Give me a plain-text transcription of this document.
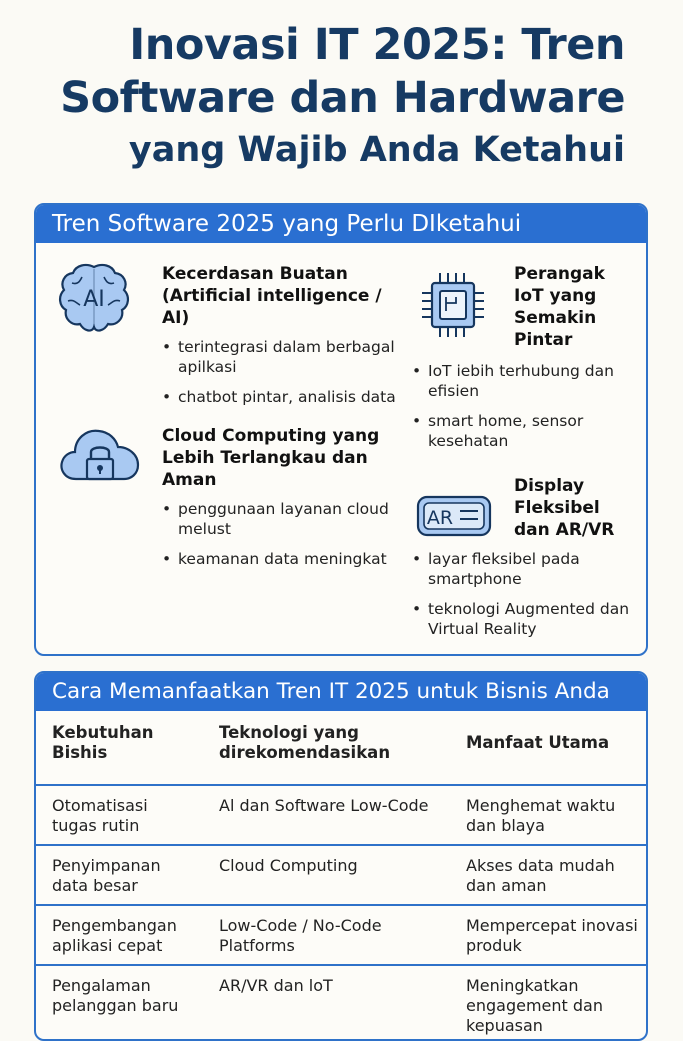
Inovasi IT 2025: Tren
Software dan Hardware
yang Wajib Anda Ketahui
Tren Software 2025 yang Perlu DIketahui
AI
Kecerdasan Buatan (Artificial intelligence / AI)
• terintegrasi dalam berbagal apilkasi
• chatbot pintar, analisis data
Perangak IoT yang Semakin Pintar
• IoT iebih terhubung dan efisien
• smart home, sensor kesehatan
Cloud Computing yang Lebih Terlangkau dan Aman
• penggunaan layanan cloud melust
• keamanan data meningkat
AR
Display Fleksibel dan AR/VR
• layar fleksibel pada smartphone
• teknologi Augmented dan Virtual Reality
Cara Memanfaatkan Tren IT 2025 untuk Bisnis Anda
Kebutuhan Bishis	Teknologi yang direkomendasikan	Manfaat Utama
Otomatisasi tugas rutin	Al dan Software Low-Code	Menghemat waktu dan blaya
Penyimpanan data besar	Cloud Computing	Akses data mudah dan aman
Pengembangan aplikasi cepat	Low-Code / No-Code Platforms	Mempercepat inovasi produk
Pengalaman pelanggan baru	AR/VR dan loT	Meningkatkan engagement dan kepuasan
